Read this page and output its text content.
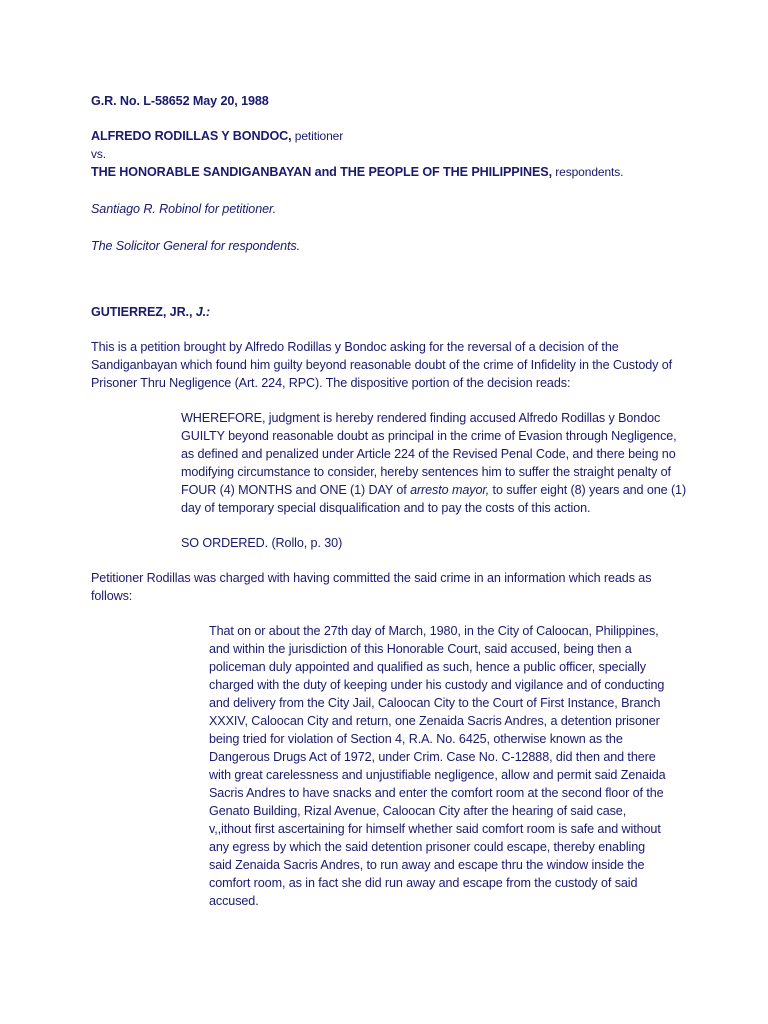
G.R. No. L-58652 May 20, 1988

ALFREDO RODILLAS Y BONDOC, petitioner

vs.

THE HONORABLE SANDIGANBAYAN and THE PEOPLE OF THE PHILIPPINES, respondents.

Santiago R. Robinol for petitioner.

The Solicitor General for respondents.

GUTIERREZ, JR., J.:

This is a petition brought by Alfredo Rodillas y Bondoc asking for the reversal of a decision of the Sandiganbayan which found him guilty beyond reasonable doubt of the crime of Infidelity in the Custody of Prisoner Thru Negligence (Art. 224, RPC). The dispositive portion of the decision reads:

WHEREFORE, judgment is hereby rendered finding accused Alfredo Rodillas y Bondoc GUILTY beyond reasonable doubt as principal in the crime of Evasion through Negligence, as defined and penalized under Article 224 of the Revised Penal Code, and there being no modifying circumstance to consider, hereby sentences him to suffer the straight penalty of FOUR (4) MONTHS and ONE (1) DAY of arresto mayor, to suffer eight (8) years and one (1) day of temporary special disqualification and to pay the costs of this action.

SO ORDERED. (Rollo, p. 30)

Petitioner Rodillas was charged with having committed the said crime in an information which reads as follows:

That on or about the 27th day of March, 1980, in the City of Caloocan, Philippines, and within the jurisdiction of this Honorable Court, said accused, being then a policeman duly appointed and qualified as such, hence a public officer, specially charged with the duty of keeping under his custody and vigilance and of conducting and delivery from the City Jail, Caloocan City to the Court of First Instance, Branch XXXIV, Caloocan City and return, one Zenaida Sacris Andres, a detention prisoner being tried for violation of Section 4, R.A. No. 6425, otherwise known as the Dangerous Drugs Act of 1972, under Crim. Case No. C-12888, did then and there with great carelessness and unjustifiable negligence, allow and permit said Zenaida Sacris Andres to have snacks and enter the comfort room at the second floor of the Genato Building, Rizal Avenue, Caloocan City after the hearing of said case, v,,ithout first ascertaining for himself whether said comfort room is safe and without any egress by which the said detention prisoner could escape, thereby enabling said Zenaida Sacris Andres, to run away and escape thru the window inside the comfort room, as in fact she did run away and escape from the custody of said accused.
